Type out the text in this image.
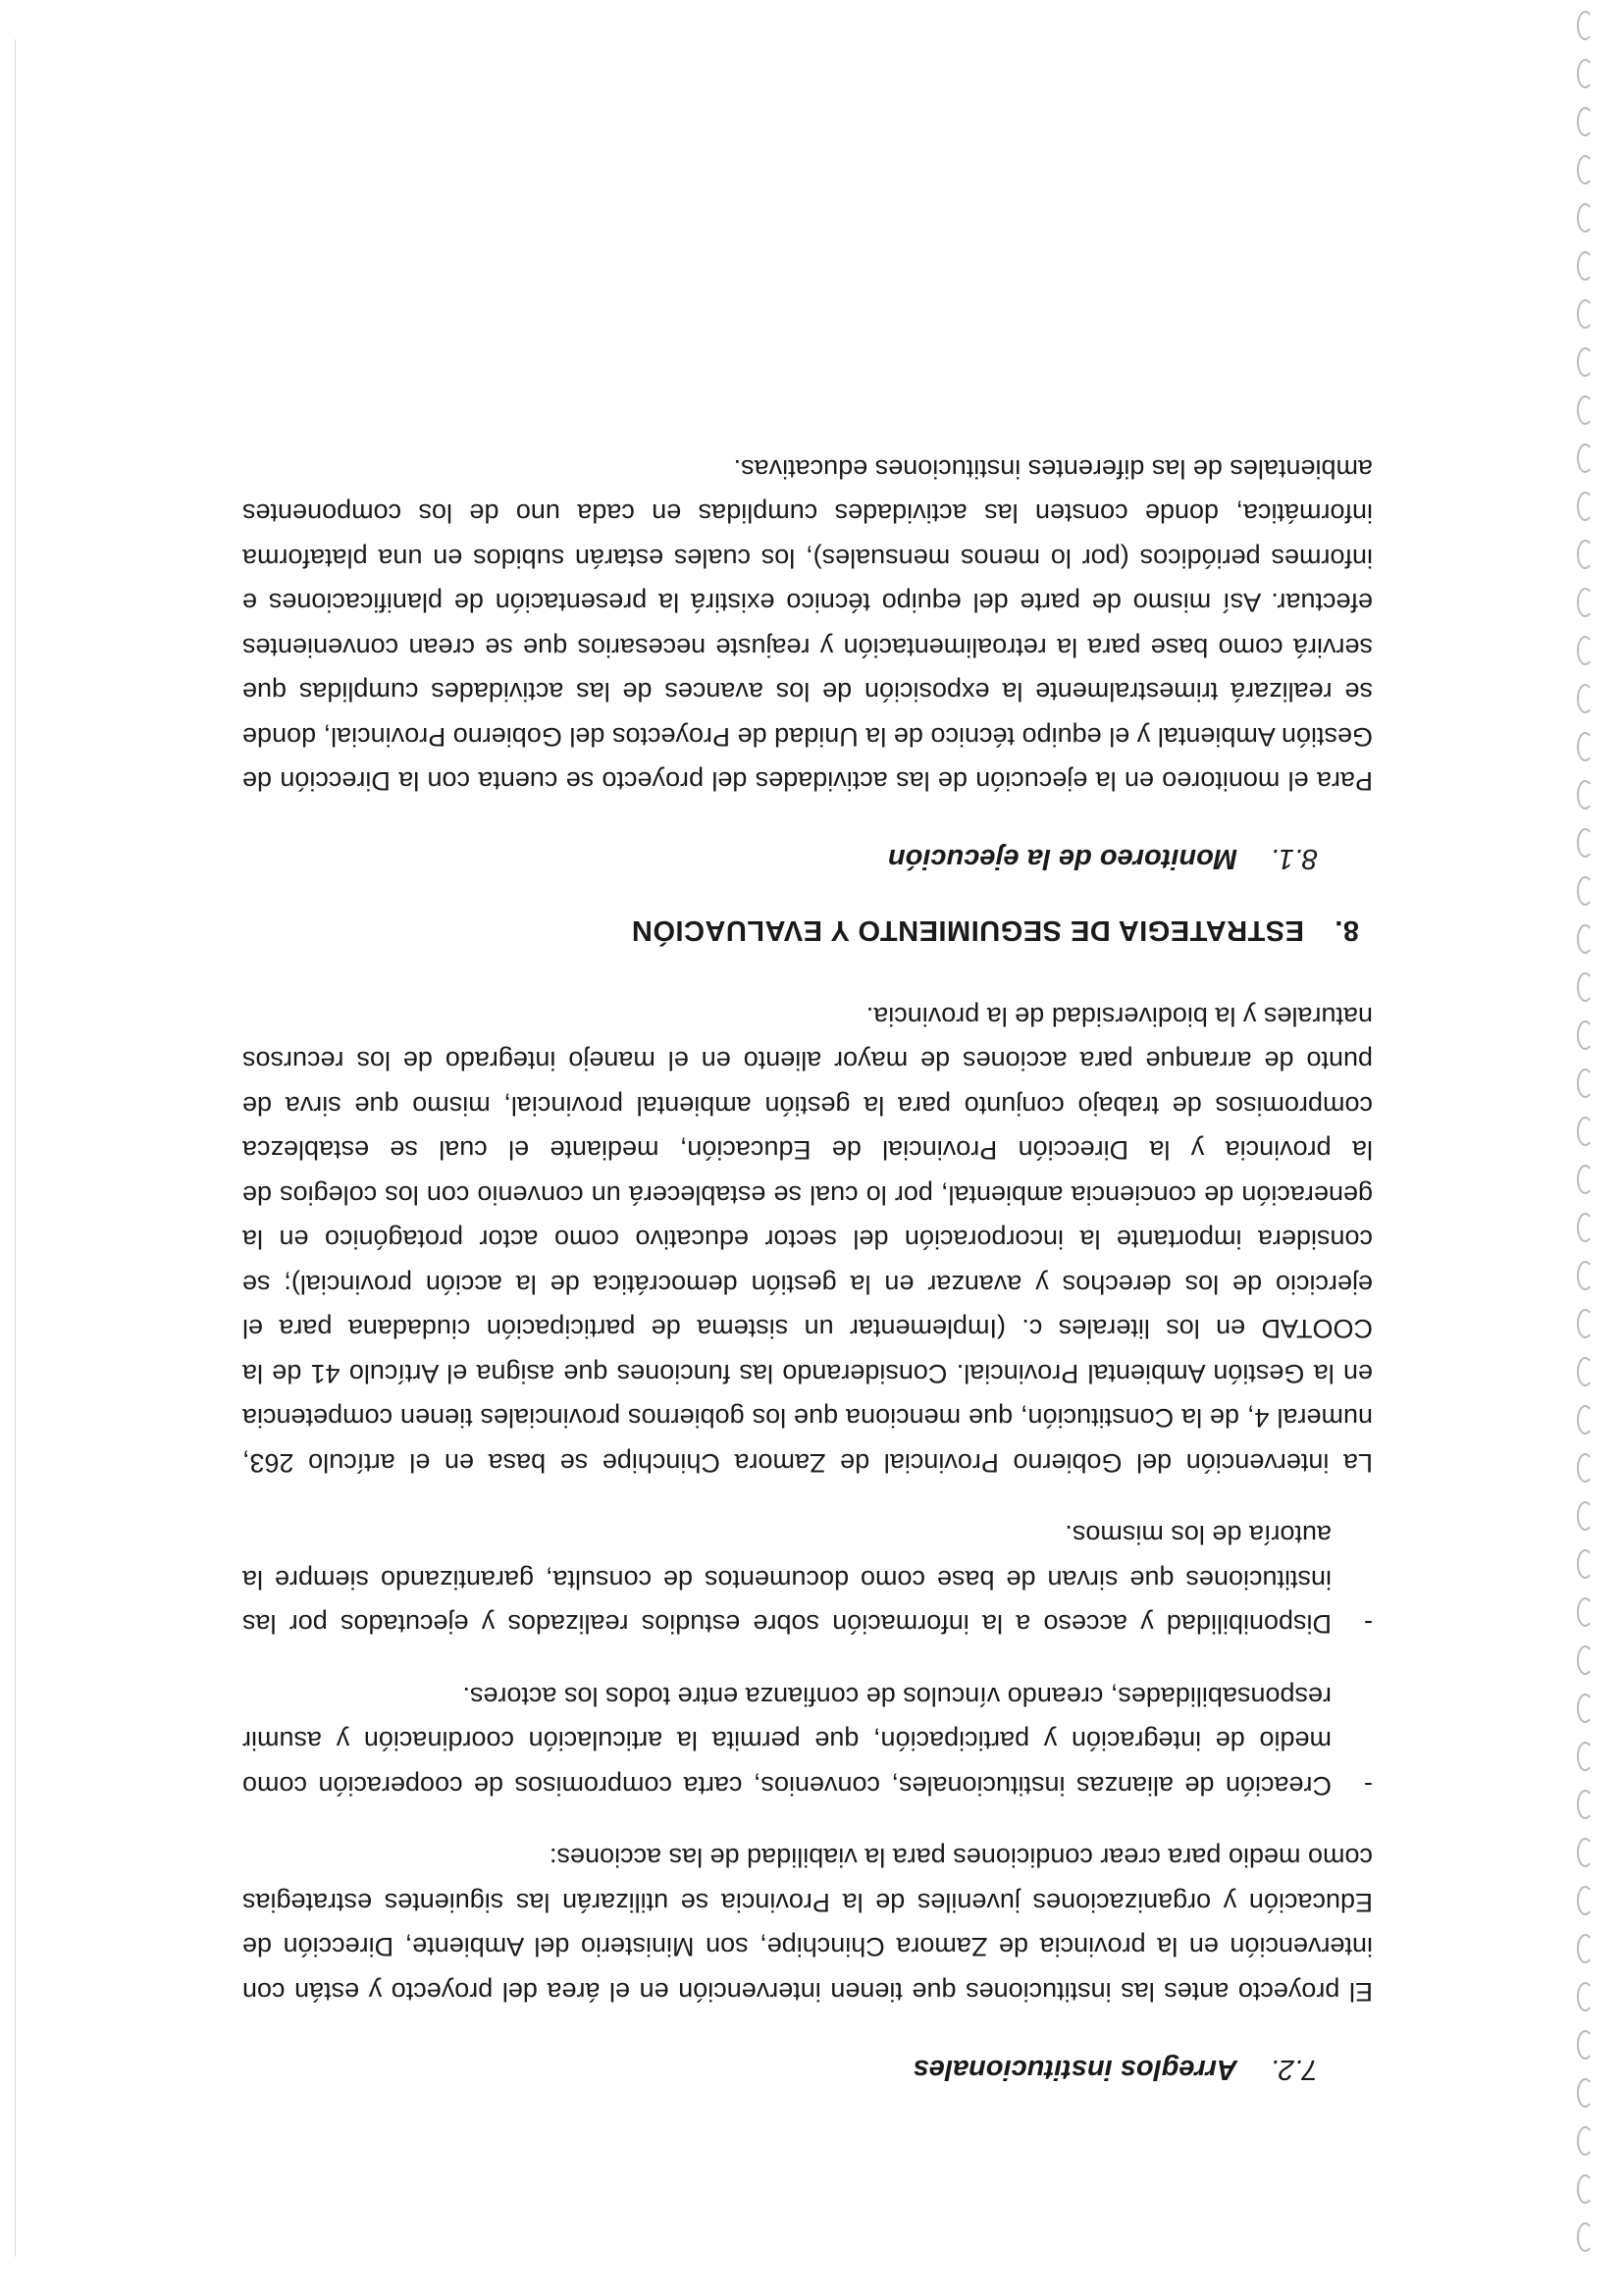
7.2.Arreglos institucionales

El proyecto antes las instituciones que tienen intervención en el área del proyecto y están con intervención en la provincia de Zamora Chinchipe, son Ministerio del Ambiente, Dirección de Educación y organizaciones juveniles de la Provincia se utilizarán las siguientes estrategias como medio para crear condiciones para la viabilidad de las acciones:

-
Creación de alianzas institucionales, convenios, carta compromisos de cooperación como medio de integración y participación, que permita la articulación coordinación y asumir responsabilidades, creando vínculos de confianza entre todos los actores.
-
Disponibilidad y acceso a la información sobre estudios realizados y ejecutados por las instituciones que sirvan de base como documentos de consulta, garantizando siempre la autoría de los mismos.

La intervención del Gobierno Provincial de Zamora Chinchipe se basa en el artículo 263, numeral 4, de la Constitución, que menciona que los gobiernos provinciales tienen competencia en la Gestión Ambiental Provincial. Considerando las funciones que asigna el Artículo 41 de la COOTAD en los literales c. (Implementar un sistema de participación ciudadana para el ejercicio de los derechos y avanzar en la gestión democrática de la acción provincial); se considera importante la incorporación del sector educativo como actor protagónico en la generación de conciencia ambiental, por lo cual se establecerá un convenio con los colegios de la provincia y la Dirección Provincial de Educación, mediante el cual se establezca compromisos de trabajo conjunto para la gestión ambiental provincial, mismo que sirva de punto de arranque para acciones de mayor aliento en el manejo integrado de los recursos naturales y la biodiversidad de la provincia.

8.ESTRATEGIA DE SEGUIMIENTO Y EVALUACIÓN
8.1.Monitoreo de la ejecución

Para el monitoreo en la ejecución de las actividades del proyecto se cuenta con la Dirección de Gestión Ambiental y el equipo técnico de la Unidad de Proyectos del Gobierno Provincial, donde se realizará trimestralmente la exposición de los avances de las actividades cumplidas que servirá como base para la retroalimentación y reajuste necesarios que se crean convenientes efectuar. Así mismo de parte del equipo técnico existirá la presentación de planificaciones e informes periódicos (por lo menos mensuales), los cuales estarán subidos en una plataforma informática, donde consten las actividades cumplidas en cada uno de los componentes ambientales de las diferentes instituciones educativas.
